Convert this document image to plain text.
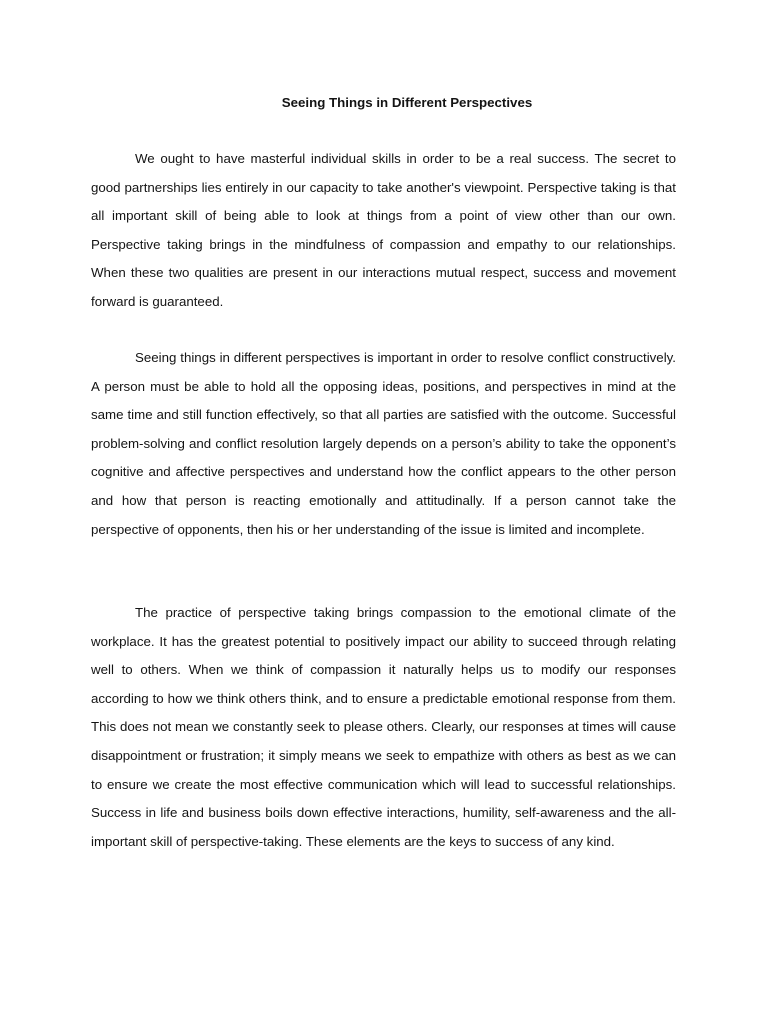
Seeing Things in Different Perspectives

We ought to have masterful individual skills in order to be a real success. The secret to good partnerships lies entirely in our capacity to take another's viewpoint. Perspective taking is that all important skill of being able to look at things from a point of view other than our own. Perspective taking brings in the mindfulness of compassion and empathy to our relationships. When these two qualities are present in our interactions mutual respect, success and movement forward is guaranteed.

Seeing things in different perspectives is important in order to resolve conflict constructively. A person must be able to hold all the opposing ideas, positions, and perspectives in mind at the same time and still function effectively, so that all parties are satisfied with the outcome. Successful problem-solving and conflict resolution largely depends on a person’s ability to take the opponent’s cognitive and affective perspectives and understand how the conflict appears to the other person and how that person is reacting emotionally and attitudinally. If a person cannot take the perspective of opponents, then his or her understanding of the issue is limited and incomplete.

The practice of perspective taking brings compassion to the emotional climate of the workplace. It has the greatest potential to positively impact our ability to succeed through relating well to others. When we think of compassion it naturally helps us to modify our responses according to how we think others think, and to ensure a predictable emotional response from them. This does not mean we constantly seek to please others. Clearly, our responses at times will cause disappointment or frustration; it simply means we seek to empathize with others as best as we can to ensure we create the most effective communication which will lead to successful relationships. Success in life and business boils down effective interactions, humility, self-awareness and the all-important skill of perspective-taking. These elements are the keys to success of any kind.
